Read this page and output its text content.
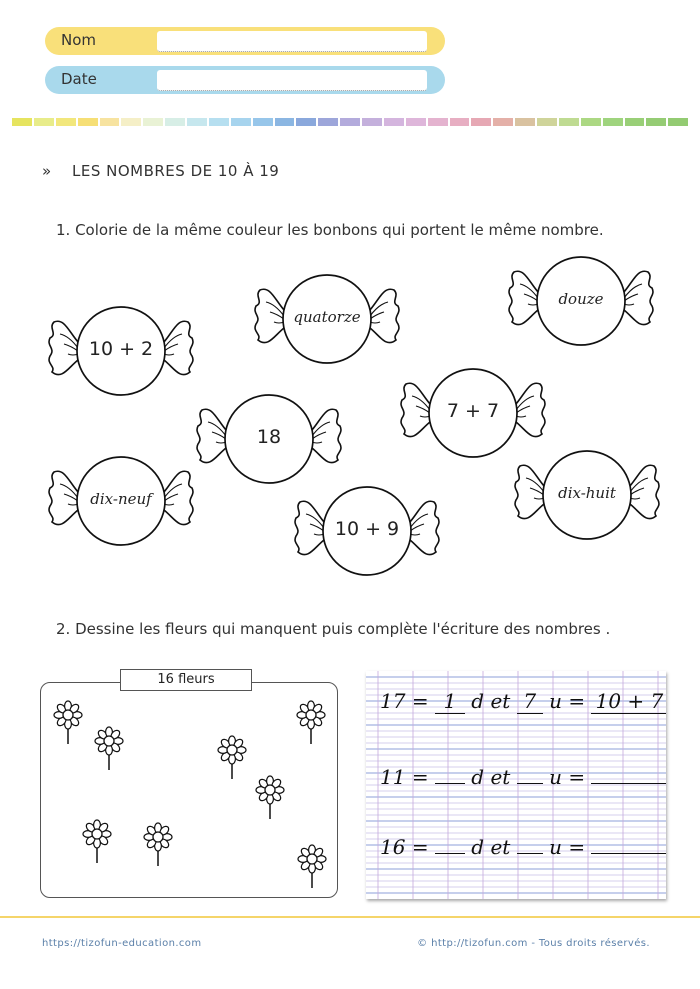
Nom
Date
» LES NOMBRES DE 10 À 19
1. Colorie de la même couleur les bonbons qui portent le même nombre.
10 + 2
quatorze
douze
18
7 + 7
dix-neuf
10 + 9
dix-huit
2. Dessine les fleurs qui manquent puis complète l'écriture des nombres .
16 fleurs
17 = 1 d et 7 u = 10 + 7
11 = d et u =
16 = d et u =
https://tizofun-education.com	© http://tizofun.com - Tous droits réservés.
